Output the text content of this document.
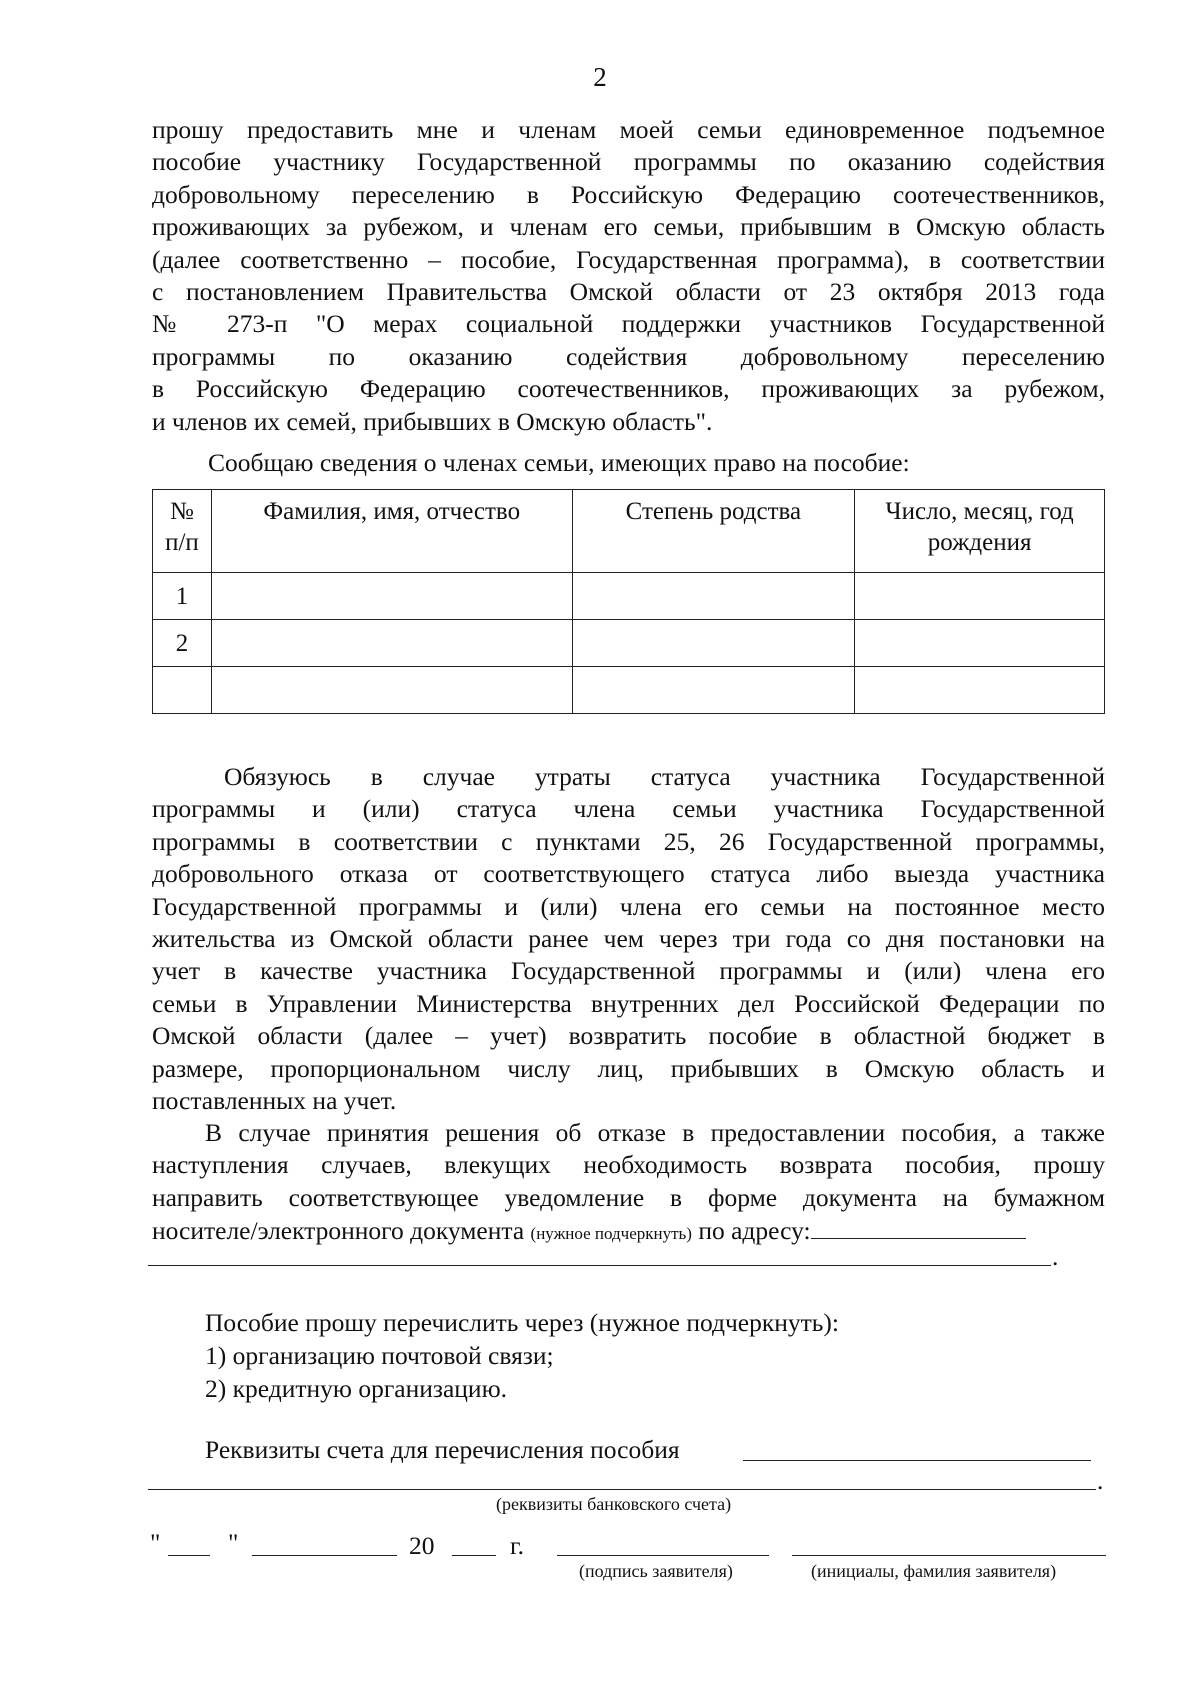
2
прошу предоставить мне и членам моей семьи единовременное подъемное
пособие участнику Государственной программы по оказанию содействия
добровольному переселению в Российскую Федерацию соотечественников,
проживающих за рубежом, и членам его семьи, прибывшим в Омскую область
(далее соответственно – пособие, Государственная программа), в соответствии
с постановлением Правительства Омской области от 23 октября 2013 года
№ 273-п "О мерах социальной поддержки участников Государственной
программы по оказанию содействия добровольному переселению
в Российскую Федерацию соотечественников, проживающих за рубежом,
и членов их семей, прибывших в Омскую область".
Сообщаю сведения о членах семьи, имеющих право на пособие:
№ п/п	Фамилия, имя, отчество	Степень родства	Число, месяц, год рождения
1			
2			

Обязуюсь в случае утраты статуса участника Государственной
программы и (или) статуса члена семьи участника Государственной
программы в соответствии с пунктами 25, 26 Государственной программы,
добровольного отказа от соответствующего статуса либо выезда участника
Государственной программы и (или) члена его семьи на постоянное место
жительства из Омской области ранее чем через три года со дня постановки на
учет в качестве участника Государственной программы и (или) члена его
семьи в Управлении Министерства внутренних дел Российской Федерации по
Омской области (далее – учет) возвратить пособие в областной бюджет в
размере, пропорциональном числу лиц, прибывших в Омскую область и
поставленных на учет.
В случае принятия решения об отказе в предоставлении пособия, а также
наступления случаев, влекущих необходимость возврата пособия, прошу
направить соответствующее уведомление в форме документа на бумажном
носителе/электронного документа (нужное подчеркнуть) по адресу:
.
Пособие прошу перечислить через (нужное подчеркнуть):
1) организацию почтовой связи;
2) кредитную организацию.
Реквизиты счета для перечисления пособия
.
(реквизиты банковского счета)
"	"	20	г.
(подпись заявителя)	(инициалы, фамилия заявителя)
